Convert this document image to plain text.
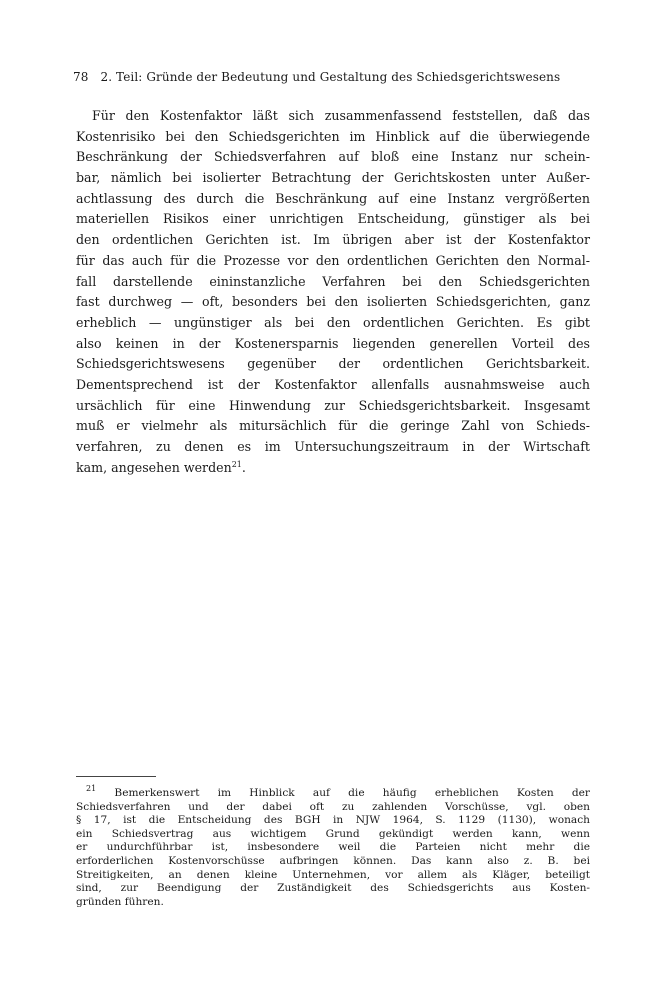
78 2. Teil: Gründe der Bedeutung und Gestaltung des Schiedsgerichtswesens
Für den Kostenfaktor läßt sich zusammenfassend feststellen, daß das
Kostenrisiko bei den Schiedsgerichten im Hinblick auf die überwiegende
Beschränkung der Schiedsverfahren auf bloß eine Instanz nur schein-
bar, nämlich bei isolierter Betrachtung der Gerichtskosten unter Außer-
achtlassung des durch die Beschränkung auf eine Instanz vergrößerten
materiellen Risikos einer unrichtigen Entscheidung, günstiger als bei
den ordentlichen Gerichten ist. Im übrigen aber ist der Kostenfaktor
für das auch für die Prozesse vor den ordentlichen Gerichten den Normal-
fall darstellende eininstanzliche Verfahren bei den Schiedsgerichten
fast durchweg — oft, besonders bei den isolierten Schiedsgerichten, ganz
erheblich — ungünstiger als bei den ordentlichen Gerichten. Es gibt
also keinen in der Kostenersparnis liegenden generellen Vorteil des
Schiedsgerichtswesens gegenüber der ordentlichen Gerichtsbarkeit.
Dementsprechend ist der Kostenfaktor allenfalls ausnahmsweise auch
ursächlich für eine Hinwendung zur Schiedsgerichtsbarkeit. Insgesamt
muß er vielmehr als mitursächlich für die geringe Zahl von Schieds-
verfahren, zu denen es im Untersuchungszeitraum in der Wirtschaft
kam, angesehen werden$^{21}$.
$^{21}$ Bemerkenswert im Hinblick auf die häufig erheblichen Kosten der
Schiedsverfahren und der dabei oft zu zahlenden Vorschüsse, vgl. oben
§ 17, ist die Entscheidung des BGH in NJW 1964, S. 1129 (1130), wonach
ein Schiedsvertrag aus wichtigem Grund gekündigt werden kann, wenn
er undurchführbar ist, insbesondere weil die Parteien nicht mehr die
erforderlichen Kostenvorschüsse aufbringen können. Das kann also z. B. bei
Streitigkeiten, an denen kleine Unternehmen, vor allem als Kläger, beteiligt
sind, zur Beendigung der Zuständigkeit des Schiedsgerichts aus Kosten-
gründen führen.
